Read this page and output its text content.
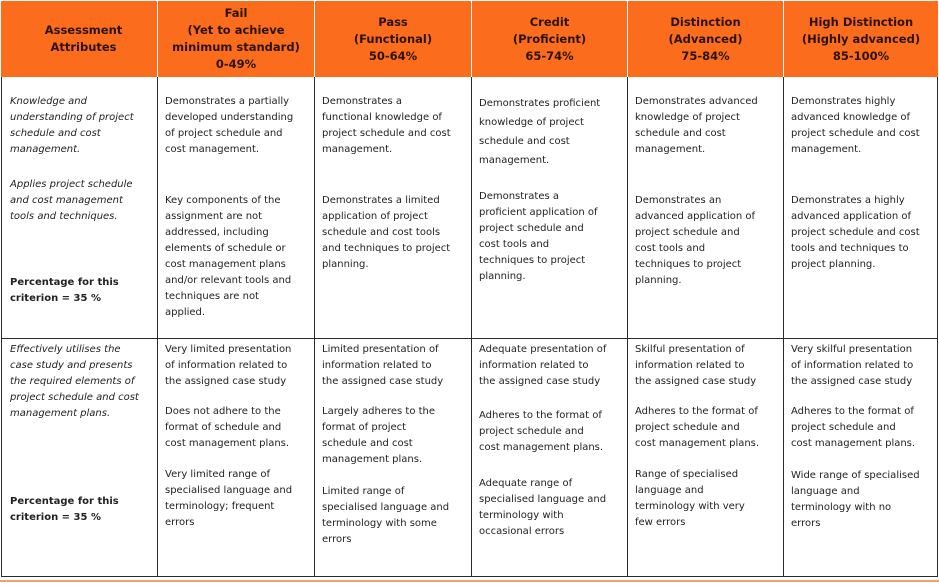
Assessment Attributes
Fail
(Yet to achieve
minimum standard)
0-49%
Pass
(Functional)
50-64%
Credit
(Proficient)
65-74%
Distinction
(Advanced)
75-84%
High Distinction
(Highly advanced)
85-100%
Knowledge and
understanding of project
schedule and cost
management.
Applies project schedule
and cost management
tools and techniques.
Percentage for this
criterion = 35 %
Demonstrates a partially
developed understanding
of project schedule and
cost management.
Key components of the
assignment are not
addressed, including
elements of schedule or
cost management plans
and/or relevant tools and
techniques are not
applied.
Demonstrates a
functional knowledge of
project schedule and cost
management.
Demonstrates a limited
application of project
schedule and cost tools
and techniques to project
planning.
Demonstrates proficient
knowledge of project
schedule and cost
management.
Demonstrates a
proficient application of
project schedule and
cost tools and
techniques to project
planning.
Demonstrates advanced
knowledge of project
schedule and cost
management.
Demonstrates an
advanced application of
project schedule and
cost tools and
techniques to project
planning.
Demonstrates highly
advanced knowledge of
project schedule and cost
management.
Demonstrates a highly
advanced application of
project schedule and cost
tools and techniques to
project planning.
Effectively utilises the
case study and presents
the required elements of
project schedule and cost
management plans.
Percentage for this
criterion = 35 %
Very limited presentation
of information related to
the assigned case study
Does not adhere to the
format of schedule and
cost management plans.
Very limited range of
specialised language and
terminology; frequent
errors
Limited presentation of
information related to
the assigned case study
Largely adheres to the
format of project
schedule and cost
management plans.
Limited range of
specialised language and
terminology with some
errors
Adequate presentation of
information related to
the assigned case study
Adheres to the format of
project schedule and
cost management plans.
Adequate range of
specialised language and
terminology with
occasional errors
Skilful presentation of
information related to
the assigned case study
Adheres to the format of
project schedule and
cost management plans.
Range of specialised
language and
terminology with very
few errors
Very skilful presentation
of information related to
the assigned case study
Adheres to the format of
project schedule and
cost management plans.
Wide range of specialised
language and
terminology with no
errors
